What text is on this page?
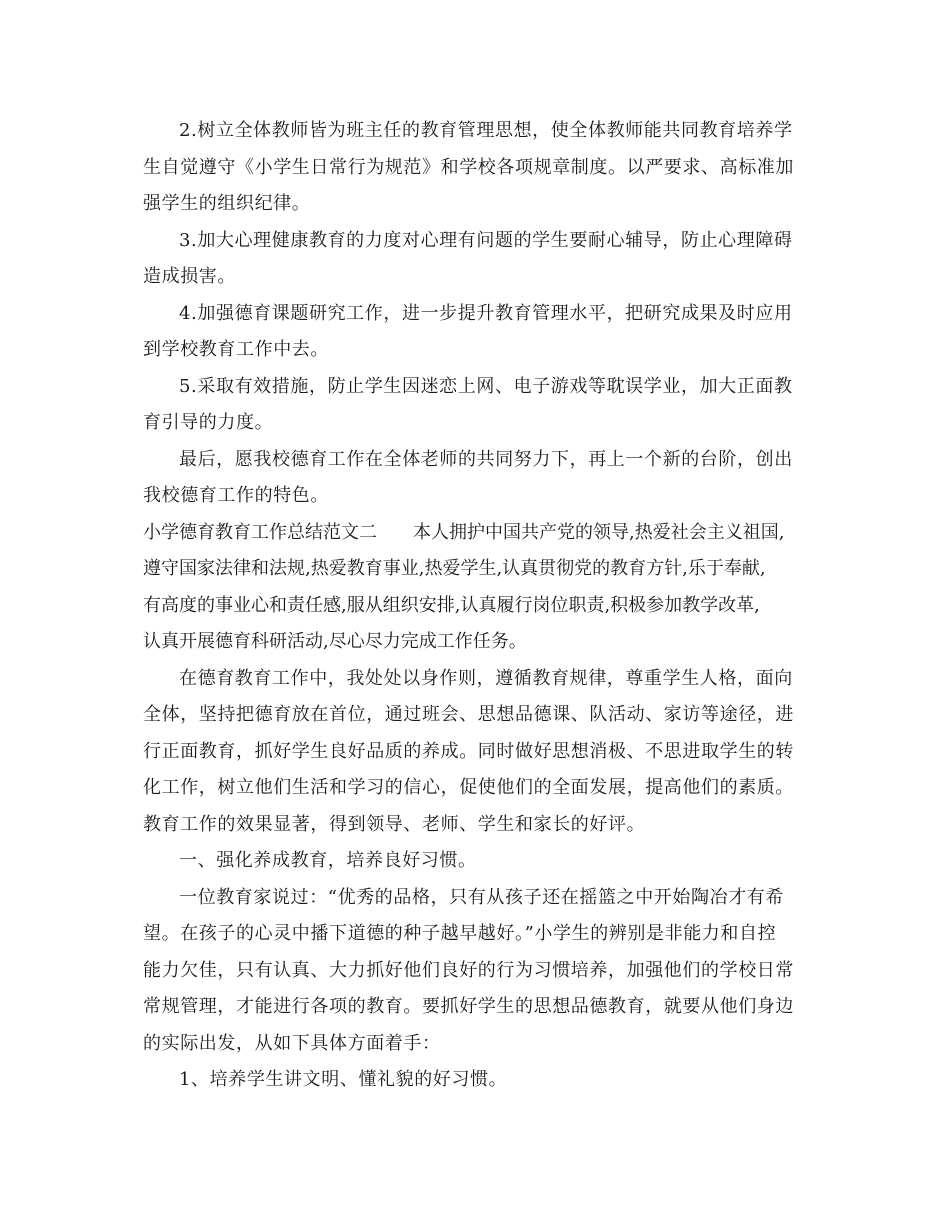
2.树立全体教师皆为班主任的教育管理思想，使全体教师能共同教育培养学
生自觉遵守《小学生日常行为规范》和学校各项规章制度。以严要求、高标准加
强学生的组织纪律。
3.加大心理健康教育的力度对心理有问题的学生要耐心辅导，防止心理障碍
造成损害。
4.加强德育课题研究工作，进一步提升教育管理水平，把研究成果及时应用
到学校教育工作中去。
5.采取有效措施，防止学生因迷恋上网、电子游戏等耽误学业，加大正面教
育引导的力度。
最后，愿我校德育工作在全体老师的共同努力下，再上一个新的台阶，创出
我校德育工作的特色。
小学德育教育工作总结范文二　　本人拥护中国共产党的领导,热爱社会主义祖国,
遵守国家法律和法规,热爱教育事业,热爱学生,认真贯彻党的教育方针,乐于奉献,
有高度的事业心和责任感,服从组织安排,认真履行岗位职责,积极参加教学改革,
认真开展德育科研活动,尽心尽力完成工作任务。
在德育教育工作中，我处处以身作则，遵循教育规律，尊重学生人格，面向
全体，坚持把德育放在首位，通过班会、思想品德课、队活动、家访等途径，进
行正面教育，抓好学生良好品质的养成。同时做好思想消极、不思进取学生的转
化工作，树立他们生活和学习的信心，促使他们的全面发展，提高他们的素质。
教育工作的效果显著，得到领导、老师、学生和家长的好评。
一、强化养成教育，培养良好习惯。
一位教育家说过：“优秀的品格，只有从孩子还在摇篮之中开始陶冶才有希
望。在孩子的心灵中播下道德的种子越早越好。”小学生的辨别是非能力和自控
能力欠佳，只有认真、大力抓好他们良好的行为习惯培养，加强他们的学校日常
常规管理，才能进行各项的教育。要抓好学生的思想品德教育，就要从他们身边
的实际出发，从如下具体方面着手：
1、培养学生讲文明、懂礼貌的好习惯。
